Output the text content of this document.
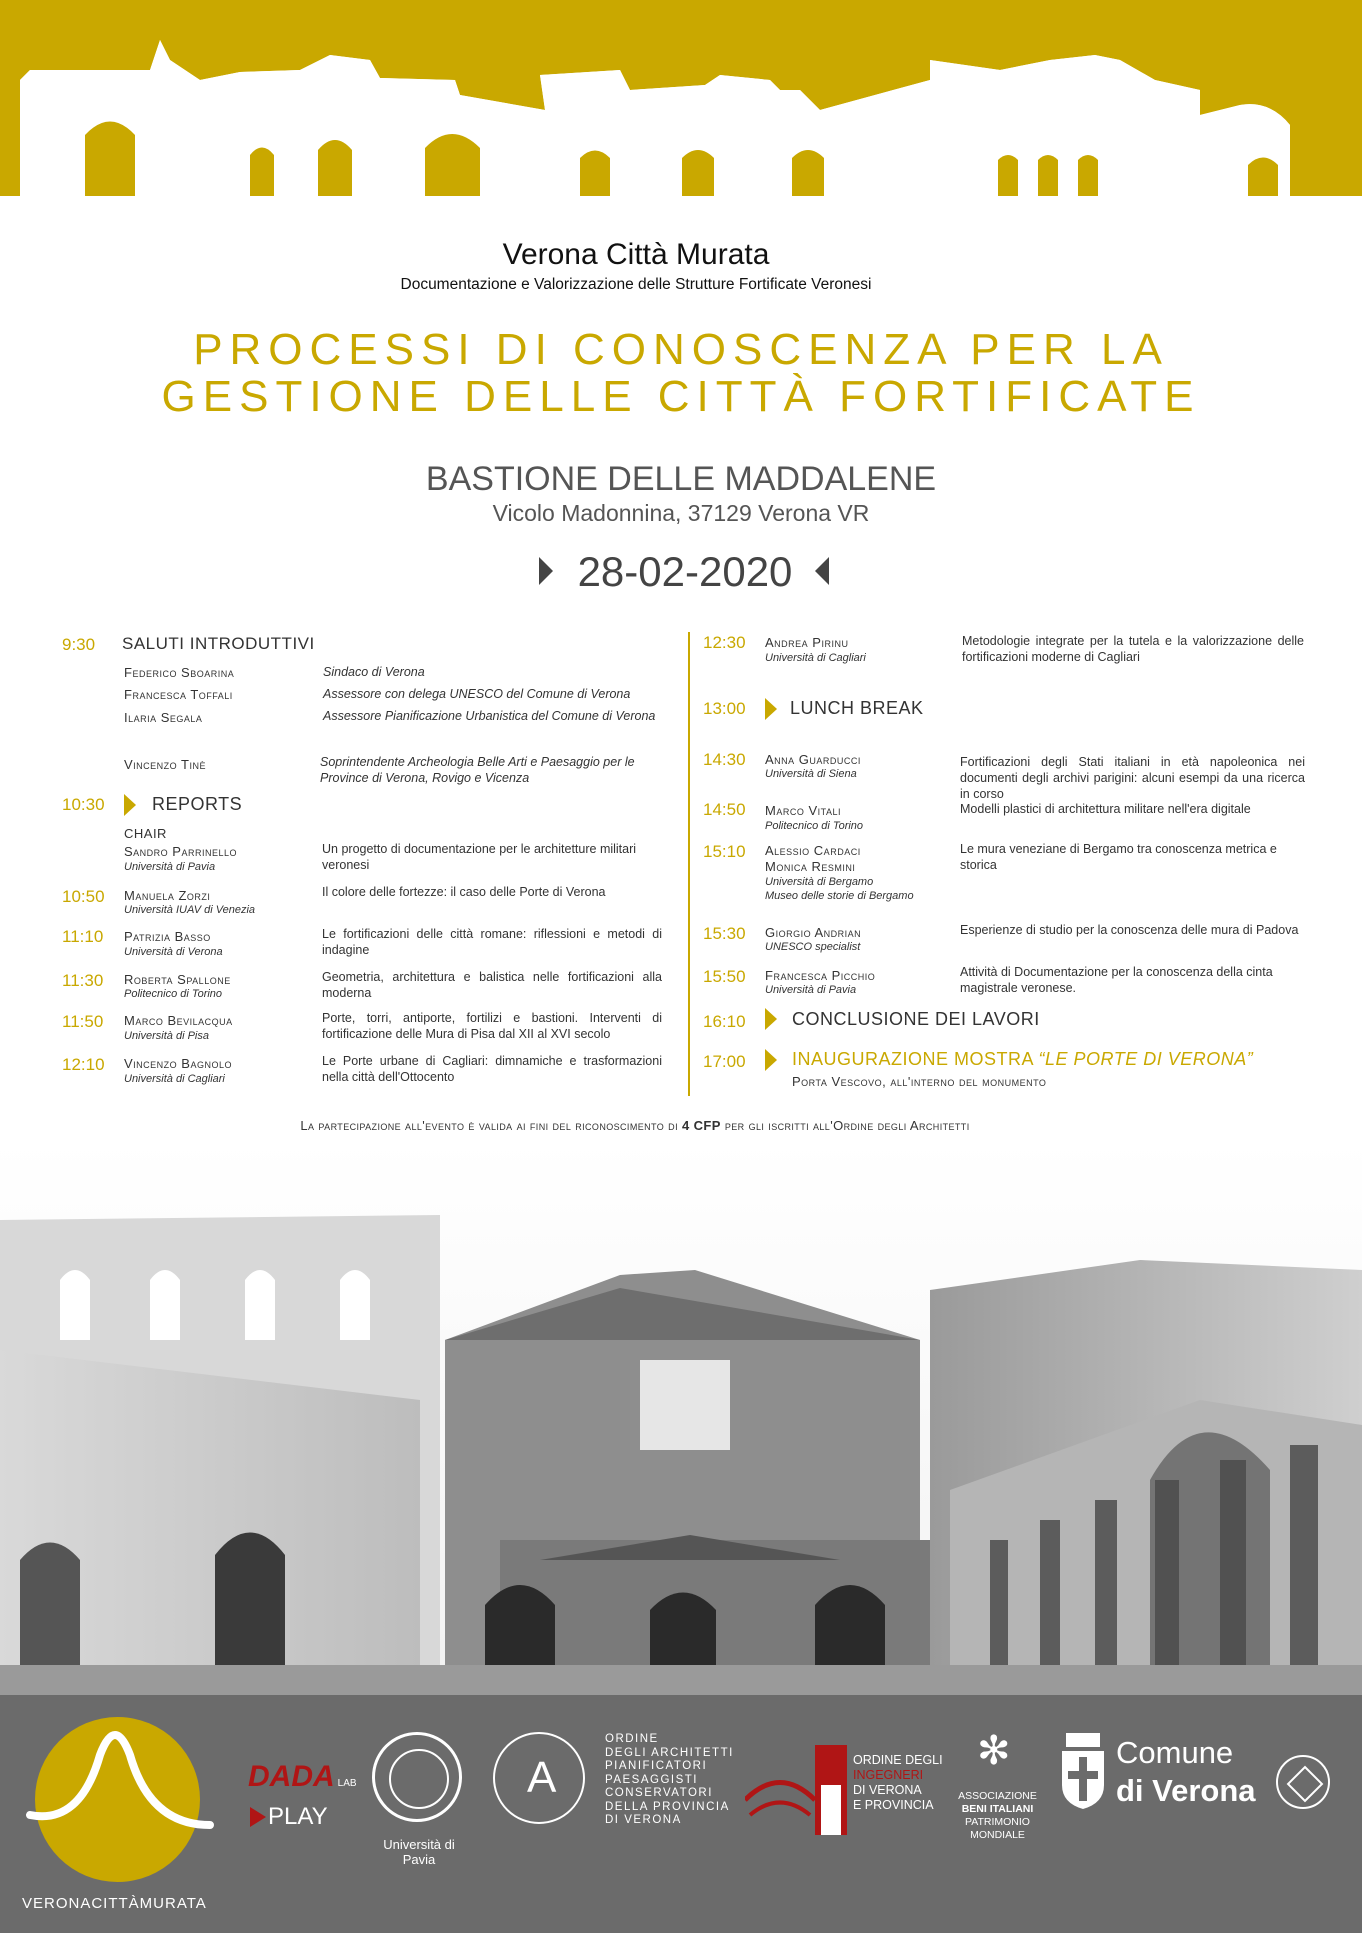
Verona Città Murata
Documentazione e Valorizzazione delle Strutture Fortificate Veronesi
PROCESSI DI CONOSCENZA PER LA
GESTIONE DELLE CITTÀ FORTIFICATE
BASTIONE DELLE MADDALENE
Vicolo Madonnina, 37129 Verona VR
28-02-2020
9:30 SALUTI INTRODUTTIVI
Federico Sboarina	Sindaco di Verona
Francesca Toffali	Assessore con delega UNESCO del Comune di Verona
Ilaria Segala	Assessore Pianificazione Urbanistica del Comune di Verona
Vincenzo Tinè	Soprintendente Archeologia Belle Arti e Paesaggio per le Province di Verona, Rovigo e Vicenza
10:30	REPORTS
CHAIR
Sandro Parrinello
Università di Pavia
Un progetto di documentazione per le architetture militari veronesi
10:50 Manuela Zorzi
Università IUAV di Venezia
Il colore delle fortezze: il caso delle Porte di Verona
11:10 Patrizia Basso
Università di Verona
Le fortificazioni delle città romane: riflessioni e metodi di indagine
11:30 Roberta Spallone
Politecnico di Torino
Geometria, architettura e balistica nelle fortificazioni alla moderna
11:50 Marco Bevilacqua
Università di Pisa
Porte, torri, antiporte, fortilizi e bastioni. Interventi di fortificazione delle Mura di Pisa dal XII al XVI secolo
12:10 Vincenzo Bagnolo
Università di Cagliari
Le Porte urbane di Cagliari: dimnamiche e trasformazioni nella città dell'Ottocento
12:30 Andrea Pirinu
Università di Cagliari
Metodologie integrate per la tutela e la valorizzazione delle fortificazioni moderne di Cagliari
13:00 LUNCH BREAK
14:30 Anna Guarducci
Università di Siena
Fortificazioni degli Stati italiani in età napoleonica nei documenti degli archivi parigini: alcuni esempi da una ricerca in corso
14:50 Marco Vitali
Politecnico di Torino
Modelli plastici di architettura militare nell'era digitale
15:10 Alessio Cardaci
Monica Resmini
Università di Bergamo
Museo delle storie di Bergamo
Le mura veneziane di Bergamo tra conoscenza metrica e storica
15:30 Giorgio Andrian
UNESCO specialist
Esperienze di studio per la conoscenza delle mura di Padova
15:50 Francesca Picchio
Università di Pavia
Attività di Documentazione per la conoscenza della cinta magistrale veronese.
16:10	CONCLUSIONE DEI LAVORI
17:00	INAUGURAZIONE MOSTRA “LE PORTE DI VERONA”
Porta Vescovo, all'interno del monumento
La partecipazione all'evento è valida ai fini del riconoscimento di 4 CFP per gli iscritti all'Ordine degli Architetti
VERONACITTÀMURATA
DADA LAB
PLAY
Università di Pavia
A
ORDINE
DEGLI ARCHITETTI
PIANIFICATORI
PAESAGGISTI
CONSERVATORI
DELLA PROVINCIA
DI VERONA
ORDINE DEGLI
INGEGNERI
DI VERONA
E PROVINCIA
✻
ASSOCIAZIONE
BENI ITALIANI
PATRIMONIO
MONDIALE
Comune
di Verona
